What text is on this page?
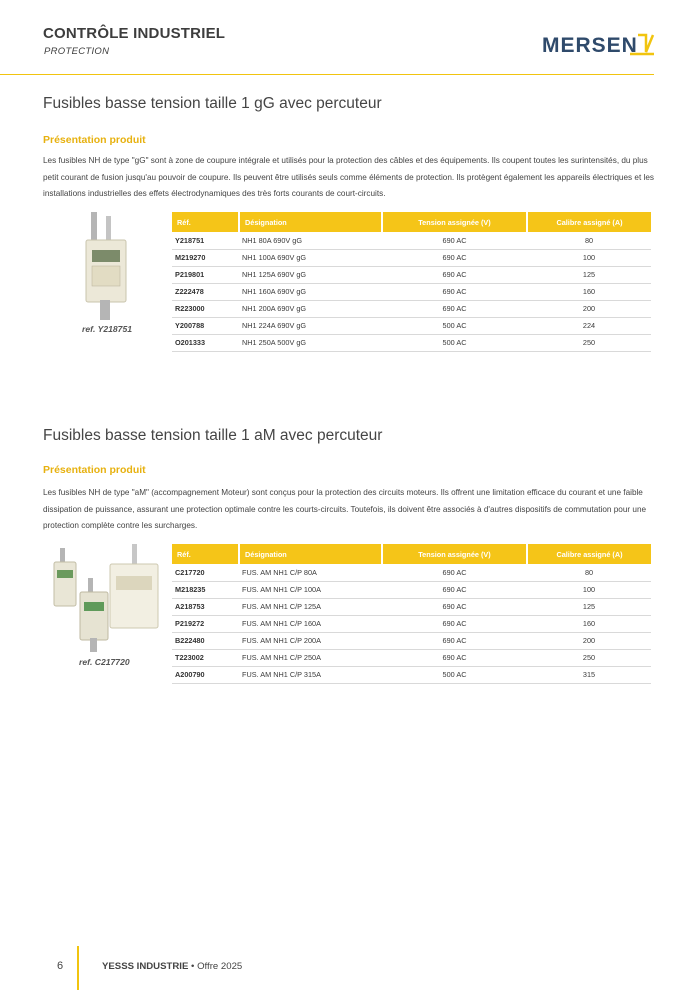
CONTRÔLE INDUSTRIEL
PROTECTION	MERSEN
Fusibles basse tension taille 1 gG avec percuteur
Présentation produit
Les fusibles NH de type "gG" sont à zone de coupure intégrale et utilisés pour la protection des câbles et des équipements. Ils coupent toutes les surintensités, du plus petit courant de fusion jusqu'au pouvoir de coupure. Ils peuvent être utilisés seuls comme éléments de protection. Ils protègent également les appareils électriques et les installations industrielles des effets électrodynamiques des très forts courants de court-circuits.
ref. Y218751
Réf.	Désignation	Tension assignée (V)	Calibre assigné (A)
Y218751	NH1 80A 690V gG	690 AC	80
M219270	NH1 100A 690V gG	690 AC	100
P219801	NH1 125A 690V gG	690 AC	125
Z222478	NH1 160A 690V gG	690 AC	160
R223000	NH1 200A 690V gG	690 AC	200
Y200788	NH1 224A 690V gG	500 AC	224
O201333	NH1 250A 500V gG	500 AC	250
Fusibles basse tension taille 1 aM avec percuteur
Présentation produit
Les fusibles NH de type "aM" (accompagnement Moteur) sont conçus pour la protection des circuits moteurs. Ils offrent une limitation efficace du courant et une faible dissipation de puissance, assurant une protection optimale contre les courts-circuits. Toutefois, ils doivent être associés à d'autres dispositifs de commutation pour une protection complète contre les surcharges.
ref. C217720
Réf.	Désignation	Tension assignée (V)	Calibre assigné (A)
C217720	FUS. AM NH1 C/P 80A	690 AC	80
M218235	FUS. AM NH1 C/P 100A	690 AC	100
A218753	FUS. AM NH1 C/P 125A	690 AC	125
P219272	FUS. AM NH1 C/P 160A	690 AC	160
B222480	FUS. AM NH1 C/P 200A	690 AC	200
T223002	FUS. AM NH1 C/P 250A	690 AC	250
A200790	FUS. AM NH1 C/P 315A	500 AC	315
6	YESSS INDUSTRIE • Offre 2025
